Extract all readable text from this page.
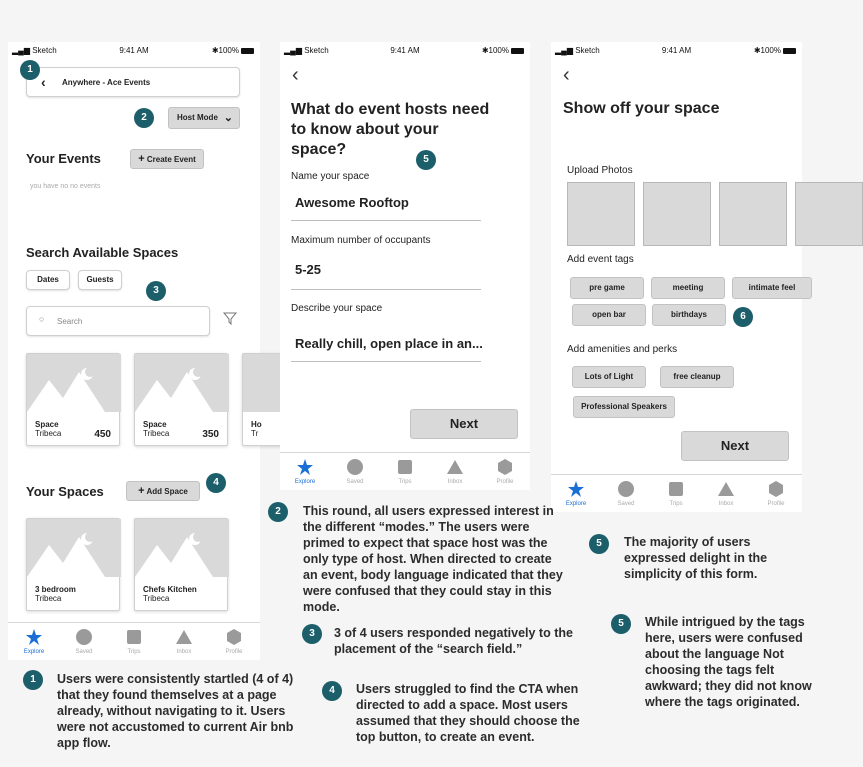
▂▄▆ Sketch	9:41 AM	✱100%
‹ Anywhere - Ace Events
1
2	Host Mode ⌄
Your Events	+ Create Event
you have no no events
Search Available Spaces
Dates	Guests
3
○ Search
Space
Tribeca	450
Space
Tribeca	350
Ho
Tr
Your Spaces	+ Add Space
4
3 bedroom
Tribeca
Chefs Kitchen
Tribeca
Explore	Saved	Trips	Inbox	Profile
▂▄▆ Sketch	9:41 AM	✱100%
‹
What do event hosts need to know about your space?
5
Name your space
Awesome Rooftop
Maximum number of occupants
5-25
Describe your space
Really chill, open place in an...
Next
Explore	Saved	Trips	Inbox	Profile
▂▄▆ Sketch	9:41 AM	✱100%
‹
Show off your space
Upload Photos
Add event tags
pre game	meeting	intimate feel
open bar	birthdays	6
Add amenities and perks
Lots of Light	free cleanup
Professional Speakers
Next
Explore	Saved	Trips	Inbox	Profile
1	Users were consistently startled (4 of 4) that they found themselves at a page already, without navigating to it. Users were not accustomed to current Air bnb app flow.
2	This round, all users expressed interest in the different “modes.” The users were primed to expect that space host was the only type of host. When directed to create an event, body language indicated that they were confused that they could stay in this mode.
3	3 of 4 users responded negatively to the placement of the “search field.”
4	Users struggled to find the CTA when directed to add a space. Most users assumed that they should choose the top button, to create an event.
5	The majority of users expressed delight in the simplicity of this form.
5	While intrigued by the tags here, users were confused about the language Not choosing the tags felt awkward; they did not know where the tags originated.
